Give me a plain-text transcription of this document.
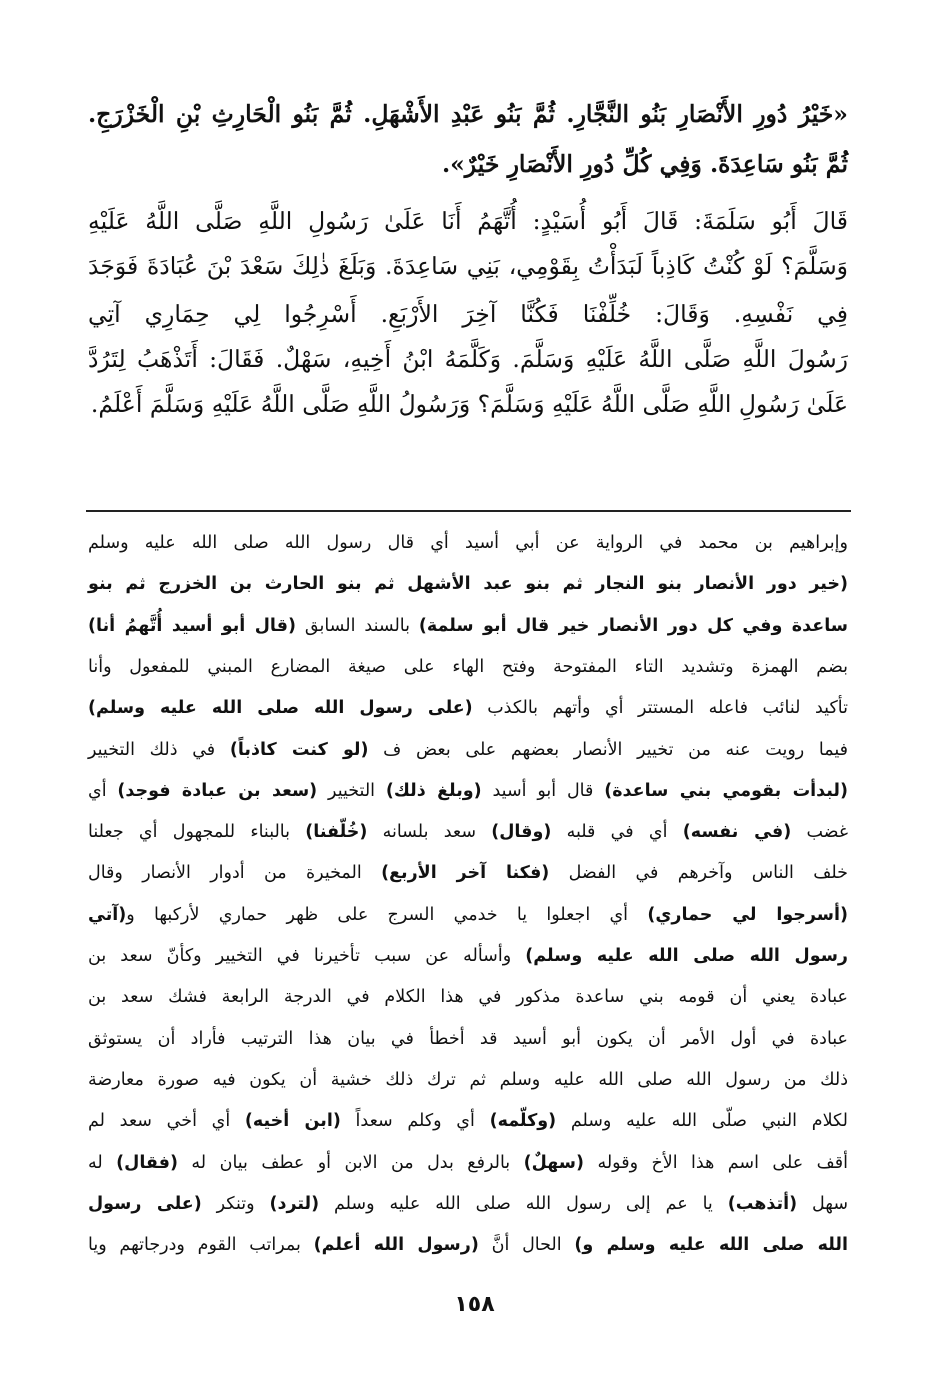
«خَيْرُ دُورِ الأَنْصَارِ بَنُو النَّجَّارِ. ثُمَّ بَنُو عَبْدِ الأَشْهَلِ. ثُمَّ بَنُو الْحَارِثِ بْنِ الْخَزْرَجِ.
ثُمَّ بَنُو سَاعِدَةَ. وَفِي كُلِّ دُورِ الأَنْصَارِ خَيْرٌ».
قَالَ أَبُو سَلَمَةَ: قَالَ أَبُو أُسَيْدٍ: أُتَّهَمُ أَنَا عَلَىٰ رَسُولِ اللَّهِ صَلَّى اللَّهُ عَلَيْهِ
وَسَلَّمَ؟ لَوْ كُنْتُ كَاذِباً لَبَدَأْتُ بِقَوْمِي، بَنِي سَاعِدَةَ. وَبَلَغَ ذٰلِكَ سَعْدَ بْنَ عُبَادَةَ فَوَجَدَ
فِي نَفْسِهِ. وَقَالَ: خُلِّفْنَا فَكُنَّا آخِرَ الأَرْبَعِ. أَسْرِجُوا لِي حِمَارِي آتِي
رَسُولَ اللَّهِ صَلَّى اللَّهُ عَلَيْهِ وَسَلَّمَ. وَكَلَّمَهُ ابْنُ أَخِيهِ، سَهْلٌ. فَقَالَ: أَتَذْهَبُ لِتَرُدَّ
عَلَىٰ رَسُولِ اللَّهِ صَلَّى اللَّهُ عَلَيْهِ وَسَلَّمَ؟ وَرَسُولُ اللَّهِ صَلَّى اللَّهُ عَلَيْهِ وَسَلَّمَ أَعْلَمُ.
وإبراهيم بن محمد في الرواية عن أبي أسيد أي قال رسول الله صلى الله عليه وسلم
(خير دور الأنصار بنو النجار ثم بنو عبد الأشهل ثم بنو الحارث بن الخزرج ثم بنو
ساعدة وفي كل دور الأنصار خير قال أبو سلمة) بالسند السابق (قال أبو أسيد أُتَّهمُ أنا)
بضم الهمزة وتشديد التاء المفتوحة وفتح الهاء على صيغة المضارع المبني للمفعول وأنا
تأكيد لنائب فاعله المستتر أي وأتهم بالكذب (على رسول الله صلى الله عليه وسلم)
فيما رويت عنه من تخيير الأنصار بعضهم على بعض ف (لو كنت كاذباً) في ذلك التخيير
(لبدأت بقومي بني ساعدة) قال أبو أسيد (وبلغ ذلك) التخيير (سعد بن عبادة فوجد) أي
غضب (في نفسه) أي في قلبه (وقال) سعد بلسانه (خُلّفنا) بالبناء للمجهول أي جعلنا
خلف الناس وآخرهم في الفضل (فكنا آخر الأربع) المخيرة من أدوار الأنصار وقال
(أسرجوا لي حماري) أي اجعلوا يا خدمي السرج على ظهر حماري لأركبها و(آتي
رسول الله صلى الله عليه وسلم) وأسأله عن سبب تأخيرنا في التخيير وكأنّ سعد بن
عبادة يعني أن قومه بني ساعدة مذكور في هذا الكلام في الدرجة الرابعة فشك سعد بن
عبادة في أول الأمر أن يكون أبو أسيد قد أخطأ في بيان هذا الترتيب فأراد أن يستوثق
ذلك من رسول الله صلى الله عليه وسلم ثم ترك ذلك خشية أن يكون فيه صورة معارضة
لكلام النبي صلّى الله عليه وسلم (وكلّمه) أي وكلم سعداً (ابن أخيه) أي أخي سعد لم
أقف على اسم هذا الأخ وقوله (سهلٌ) بالرفع بدل من الابن أو عطف بيان له (فقال) له
سهل (أتذهب) يا عم إلى رسول الله صلى الله عليه وسلم (لترد) وتنكر (على رسول
الله صلى الله عليه وسلم و) الحال أنَّ (رسول الله أعلم) بمراتب القوم ودرجاتهم ويا
١٥٨
